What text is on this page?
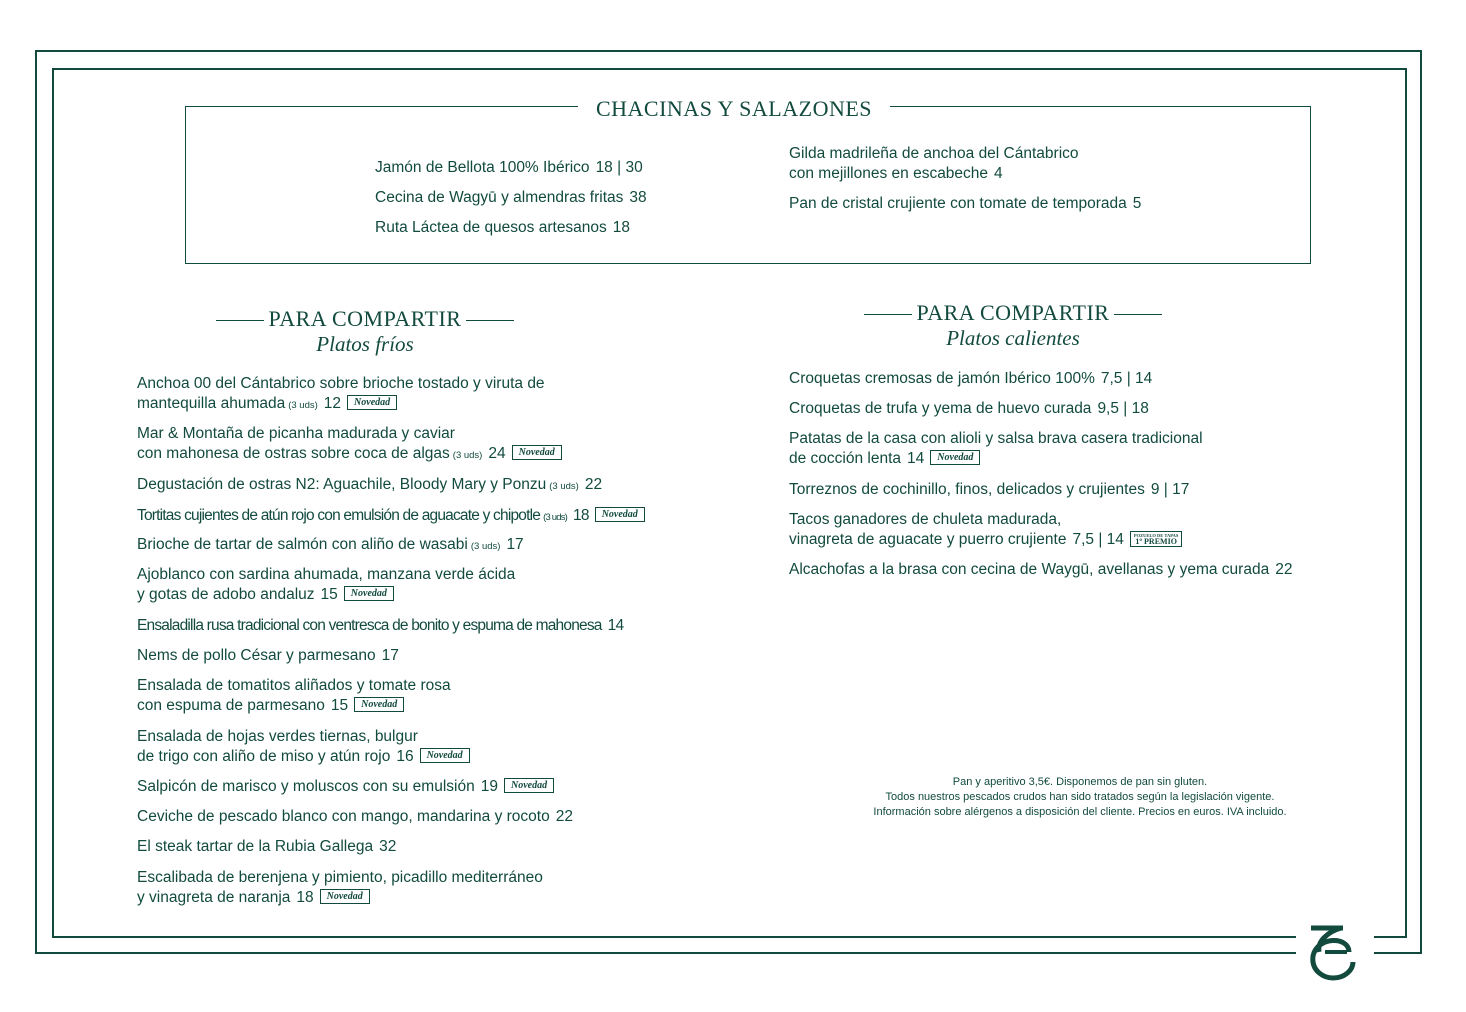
CHACINAS Y SALAZONES
Jamón de Bellota 100% Ibérico 18 | 30
Cecina de Wagyū y almendras fritas 38
Ruta Láctea de quesos artesanos 18
Gilda madrileña de anchoa del Cántabrico
con mejillones en escabeche 4
Pan de cristal crujiente con tomate de temporada 5
PARA COMPARTIR
Platos fríos
Anchoa 00 del Cántabrico sobre brioche tostado y viruta de
mantequilla ahumada (3 uds) 12 Novedad
Mar & Montaña de picanha madurada y caviar
con mahonesa de ostras sobre coca de algas (3 uds) 24 Novedad
Degustación de ostras N2: Aguachile, Bloody Mary y Ponzu (3 uds) 22
Tortitas cujientes de atún rojo con emulsión de aguacate y chipotle (3 uds) 18 Novedad
Brioche de tartar de salmón con aliño de wasabi (3 uds) 17
Ajoblanco con sardina ahumada, manzana verde ácida
y gotas de adobo andaluz 15 Novedad
Ensaladilla rusa tradicional con ventresca de bonito y espuma de mahonesa 14
Nems de pollo César y parmesano 17
Ensalada de tomatitos aliñados y tomate rosa
con espuma de parmesano 15 Novedad
Ensalada de hojas verdes tiernas, bulgur
de trigo con aliño de miso y atún rojo 16 Novedad
Salpicón de marisco y moluscos con su emulsión 19 Novedad
Ceviche de pescado blanco con mango, mandarina y rocoto 22
El steak tartar de la Rubia Gallega 32
Escalibada de berenjena y pimiento, picadillo mediterráneo
y vinagreta de naranja 18 Novedad
PARA COMPARTIR
Platos calientes
Croquetas cremosas de jamón Ibérico 100% 7,5 | 14
Croquetas de trufa y yema de huevo curada 9,5 | 18
Patatas de la casa con alioli y salsa brava casera tradicional
de cocción lenta 14 Novedad
Torreznos de cochinillo, finos, delicados y crujientes 9 | 17
Tacos ganadores de chuleta madurada,
vinagreta de aguacate y puerro crujiente 7,5 | 14 POZUELO DE TAPAS
1º PREMIO
Alcachofas a la brasa con cecina de Waygū, avellanas y yema curada 22
Pan y aperitivo 3,5€. Disponemos de pan sin gluten.
Todos nuestros pescados crudos han sido tratados según la legislación vigente.
Información sobre alérgenos a disposición del cliente. Precios en euros. IVA incluido.
